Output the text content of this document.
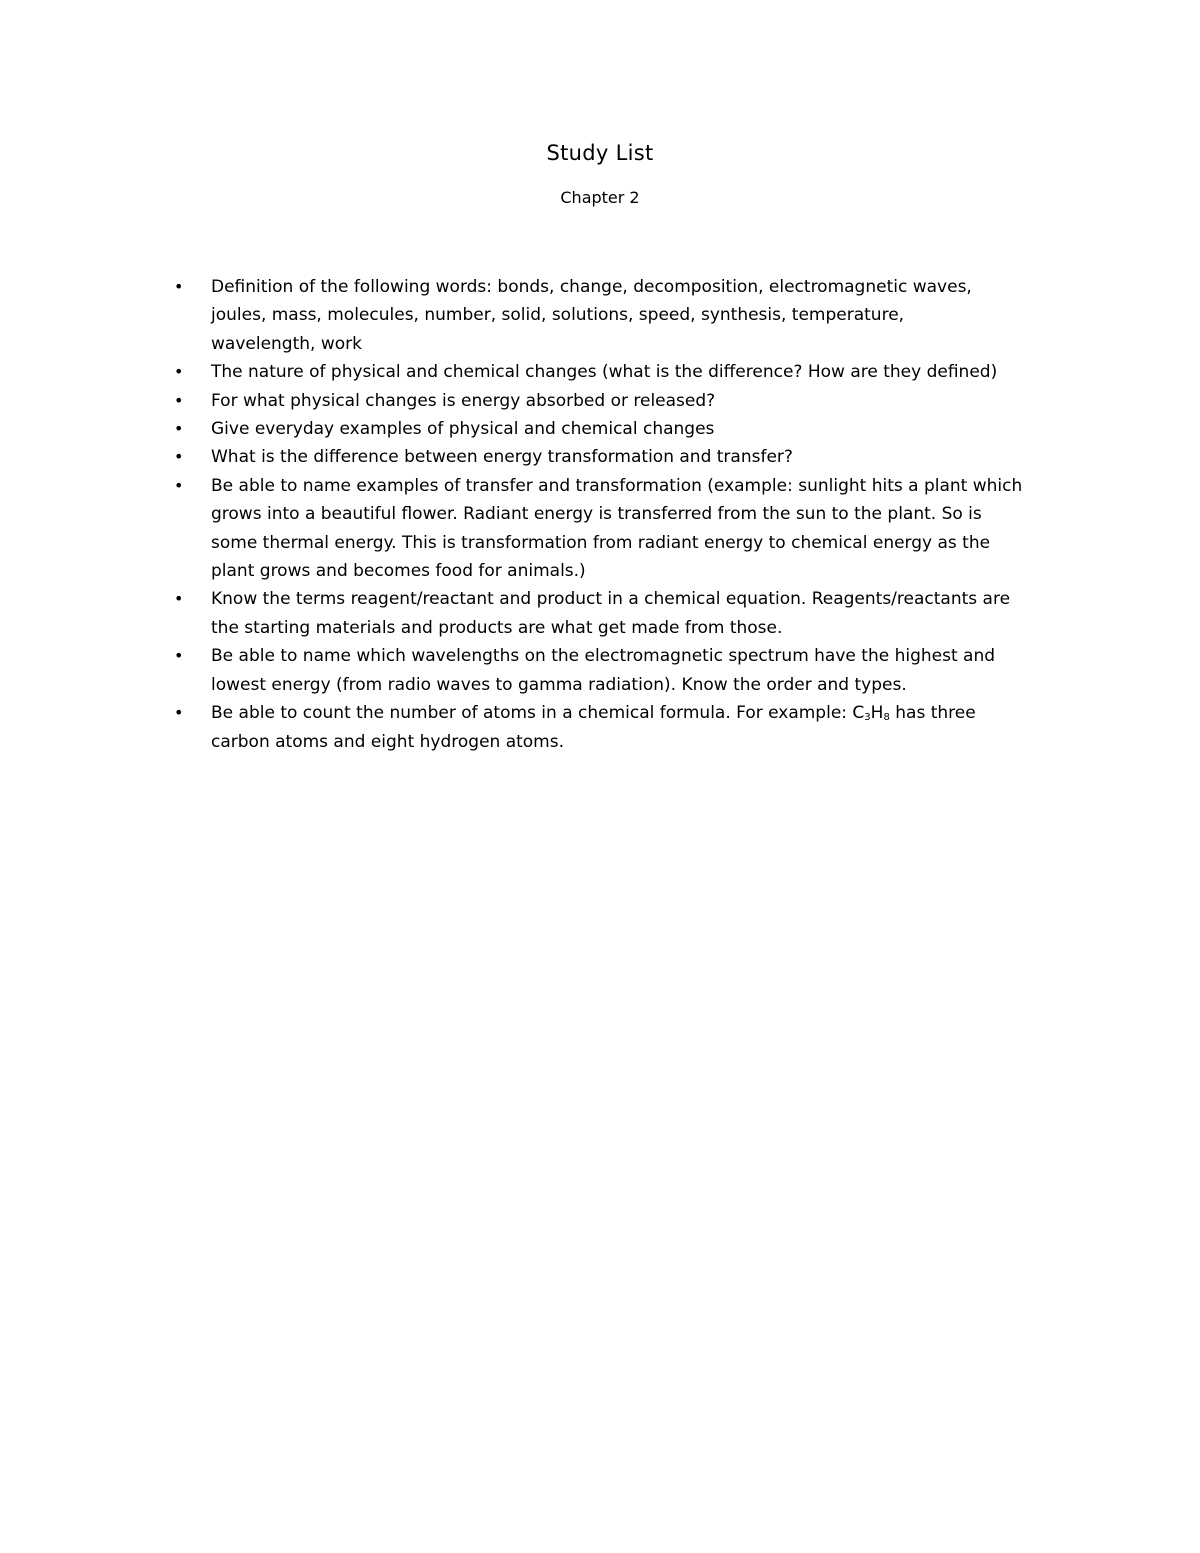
Study List
Chapter 2
• Definition of the following words: bonds, change, decomposition, electromagnetic waves,
joules, mass, molecules, number, solid, solutions, speed, synthesis, temperature,
wavelength, work
• The nature of physical and chemical changes (what is the difference? How are they defined)
• For what physical changes is energy absorbed or released?
• Give everyday examples of physical and chemical changes
• What is the difference between energy transformation and transfer?
• Be able to name examples of transfer and transformation (example: sunlight hits a plant which
grows into a beautiful flower. Radiant energy is transferred from the sun to the plant. So is
some thermal energy. This is transformation from radiant energy to chemical energy as the
plant grows and becomes food for animals.)
• Know the terms reagent/reactant and product in a chemical equation. Reagents/reactants are
the starting materials and products are what get made from those.
• Be able to name which wavelengths on the electromagnetic spectrum have the highest and
lowest energy (from radio waves to gamma radiation). Know the order and types.
• Be able to count the number of atoms in a chemical formula. For example: $C_3H_8$ has three
carbon atoms and eight hydrogen atoms.
